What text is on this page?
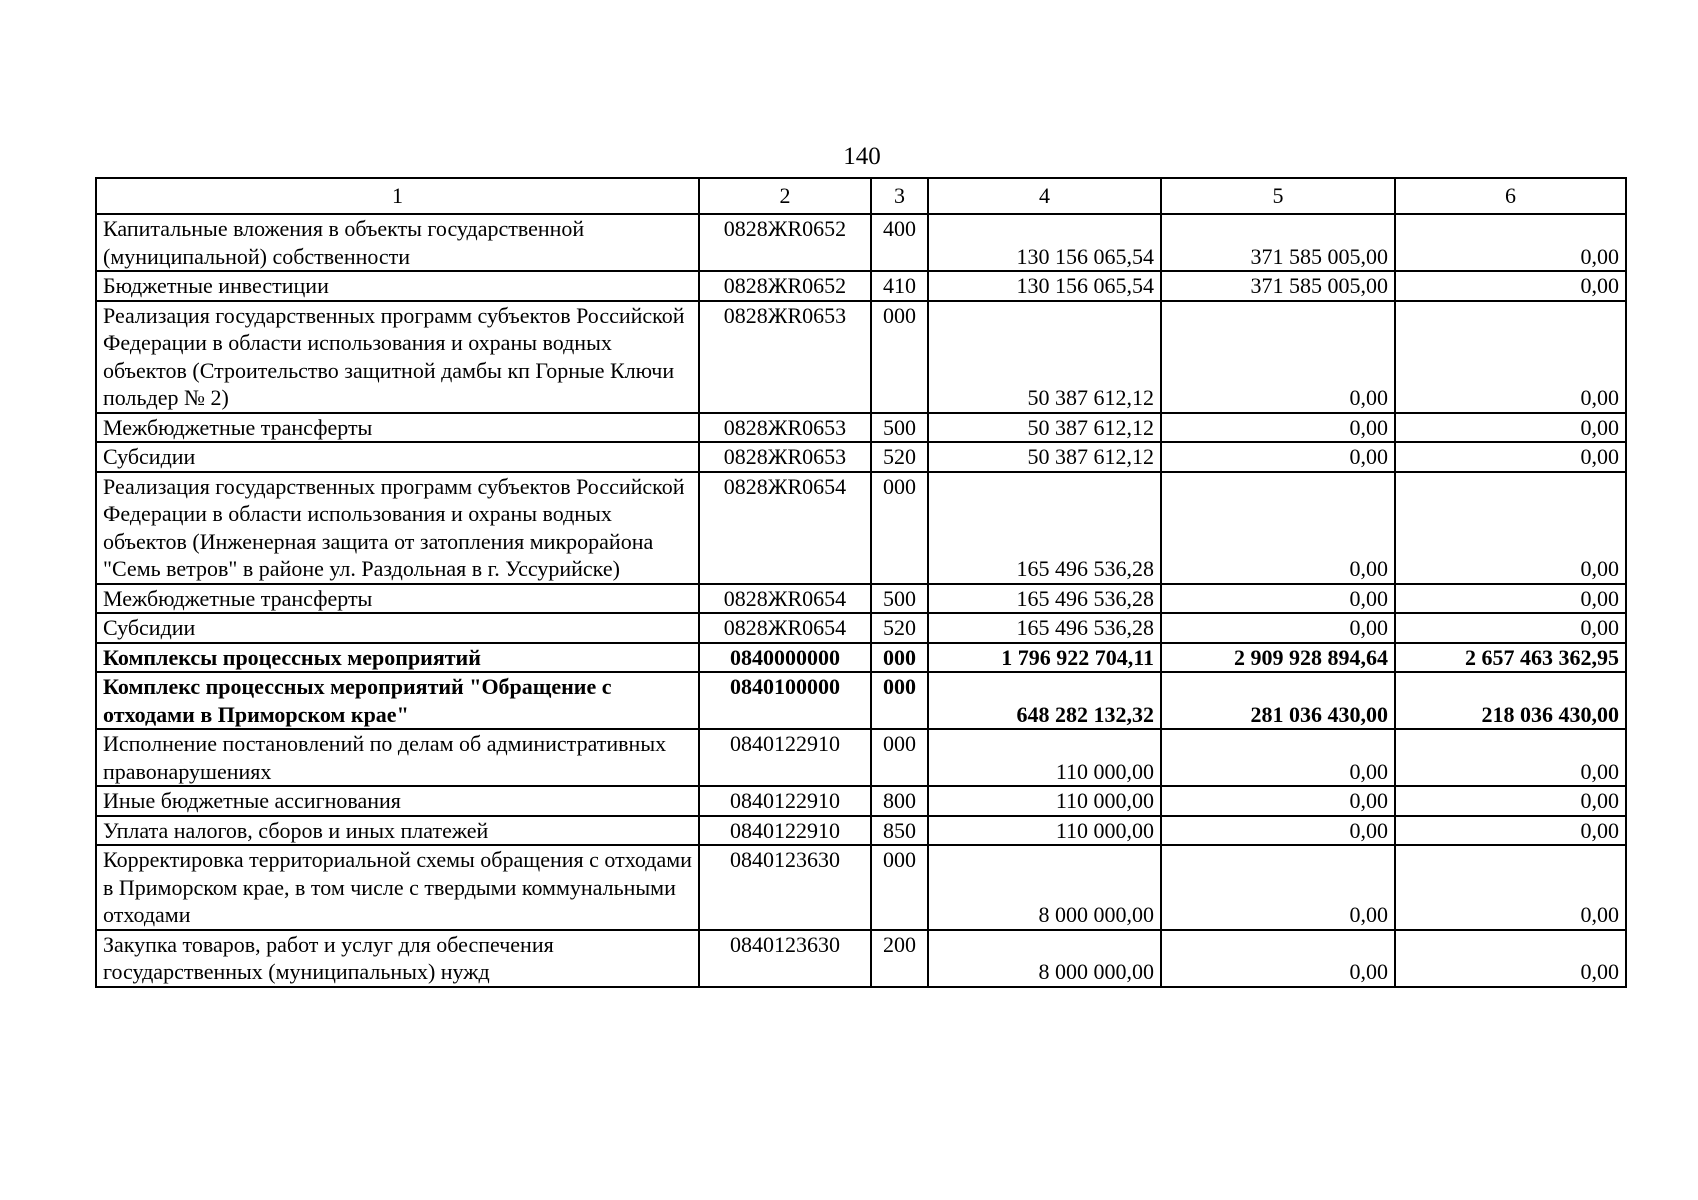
140
1	2	3	4	5	6
Капитальные вложения в объекты государственной (муниципальной) собственности	0828ЖR0652	400	130 156 065,54	371 585 005,00	0,00
Бюджетные инвестиции	0828ЖR0652	410	130 156 065,54	371 585 005,00	0,00
Реализация государственных программ субъектов Российской Федерации в области использования и охраны водных объектов (Строительство защитной дамбы кп Горные Ключи польдер № 2)	0828ЖR0653	000	50 387 612,12	0,00	0,00
Межбюджетные трансферты	0828ЖR0653	500	50 387 612,12	0,00	0,00
Субсидии	0828ЖR0653	520	50 387 612,12	0,00	0,00
Реализация государственных программ субъектов Российской Федерации в области использования и охраны водных объектов (Инженерная защита от затопления микрорайона "Семь ветров" в районе ул. Раздольная в г. Уссурийске)	0828ЖR0654	000	165 496 536,28	0,00	0,00
Межбюджетные трансферты	0828ЖR0654	500	165 496 536,28	0,00	0,00
Субсидии	0828ЖR0654	520	165 496 536,28	0,00	0,00
Комплексы процессных мероприятий	0840000000	000	1 796 922 704,11	2 909 928 894,64	2 657 463 362,95
Комплекс процессных мероприятий "Обращение с отходами в Приморском крае"	0840100000	000	648 282 132,32	281 036 430,00	218 036 430,00
Исполнение постановлений по делам об административных правонарушениях	0840122910	000	110 000,00	0,00	0,00
Иные бюджетные ассигнования	0840122910	800	110 000,00	0,00	0,00
Уплата налогов, сборов и иных платежей	0840122910	850	110 000,00	0,00	0,00
Корректировка территориальной схемы обращения с отходами в Приморском крае, в том числе с твердыми коммунальными отходами	0840123630	000	8 000 000,00	0,00	0,00
Закупка товаров, работ и услуг для обеспечения государственных (муниципальных) нужд	0840123630	200	8 000 000,00	0,00	0,00
